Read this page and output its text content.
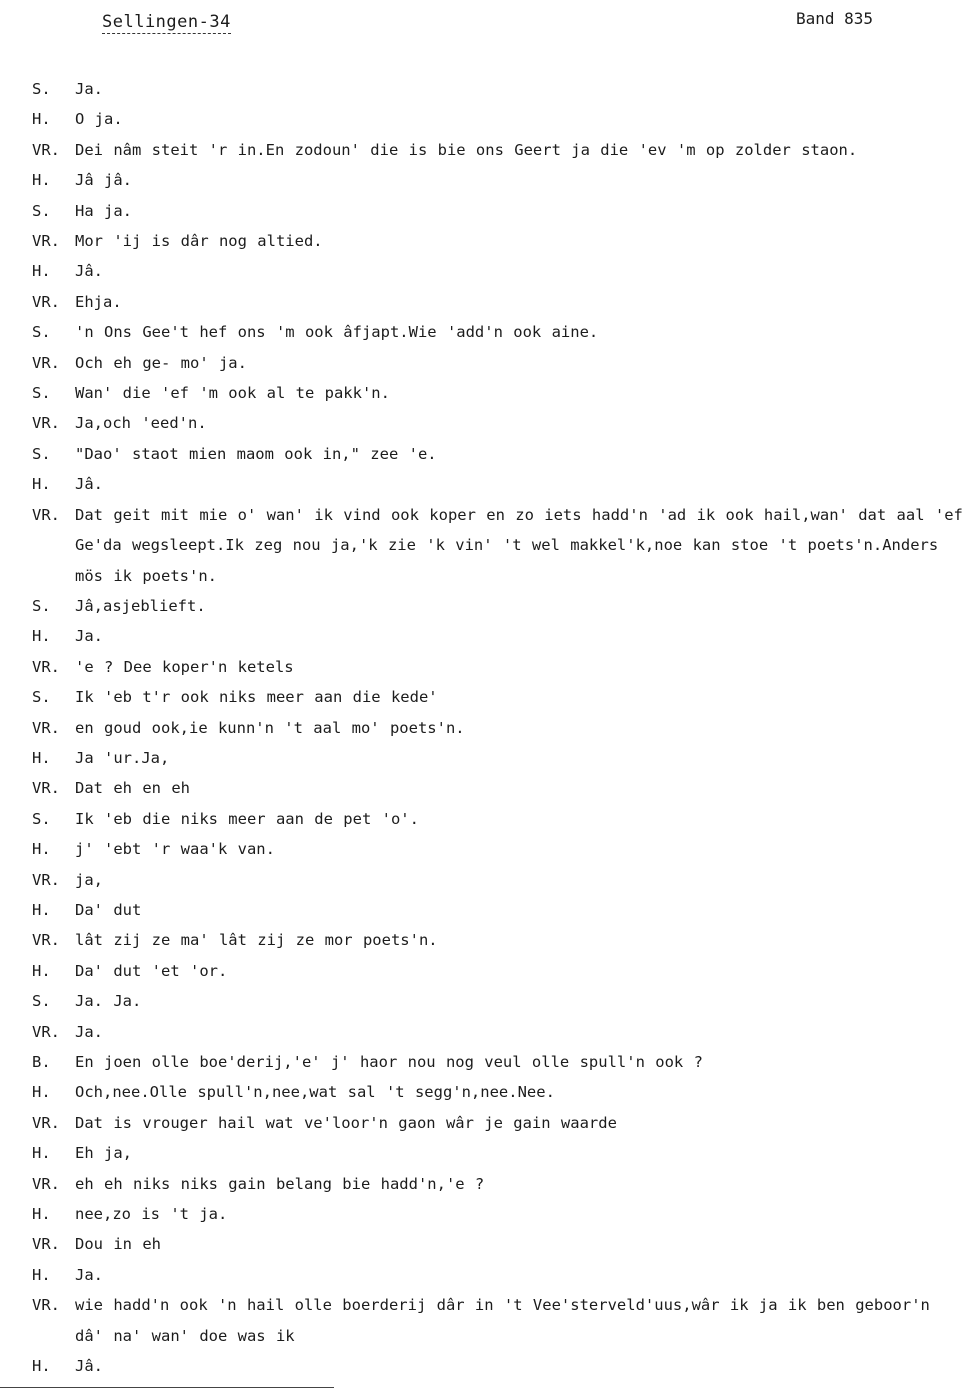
Sellingen-34	Band 835
S.	Ja.
H.	O ja.
VR. Dei nâm steit 'r in.En zodoun' die is bie ons Geert ja die 'ev 'm op zolder staon.
H.	Jâ jâ.
S.	Ha ja.
VR. Mor 'ij is dâr nog altied.
H.	Jâ.
VR. Ehja.
S.	'n Ons Gee't hef ons 'm ook âfjapt.Wie 'add'n ook aine.
VR. Och eh ge- mo' ja.
S.	Wan' die 'ef 'm ook al te pakk'n.
VR. Ja,och 'eed'n.
S.	"Dao' staot mien maom ook in," zee 'e.
H.	Jâ.
VR. Dat geit mit mie o' wan' ik vind ook koper en zo iets hadd'n 'ad ik ook hail,wan' dat aal 'ef Ge'da wegsleept.Ik zeg nou ja,'k zie 'k vin' 't wel makkel'k,noe kan stoe 't poets'n.Anders mös ik poets'n.
S.	Jâ,asjeblieft.
H.	Ja.
VR. 'e ? Dee koper'n ketels
S.	Ik 'eb t'r ook niks meer aan die kede'
VR. en goud ook,ie kunn'n 't aal mo' poets'n.
H.	Ja 'ur.Ja,
VR. Dat eh en eh
S.	Ik 'eb die niks meer aan de pet 'o'.
H.	j' 'ebt 'r waa'k van.
VR. ja,
H.	Da' dut
VR. lât zij ze ma' lât zij ze mor poets'n.
H.	Da' dut 'et 'or.
S.	Ja. Ja.
VR. Ja.
B.	En joen olle boe'derij,'e' j' haor nou nog veul olle spull'n ook ?
H.	Och,nee.Olle spull'n,nee,wat sal 't segg'n,nee.Nee.
VR. Dat is vrouger hail wat ve'loor'n gaon wâr je gain waarde
H.	Eh ja,
VR. eh eh niks niks gain belang bie hadd'n,'e ?
H.	nee,zo is 't ja.
VR. Dou in eh
H.	Ja.
VR. wie hadd'n ook 'n hail olle boerderij dâr in 't Vee'sterveld'uus,wâr ik ja ik ben geboor'n dâ' na' wan' doe was ik
H.	Jâ.
